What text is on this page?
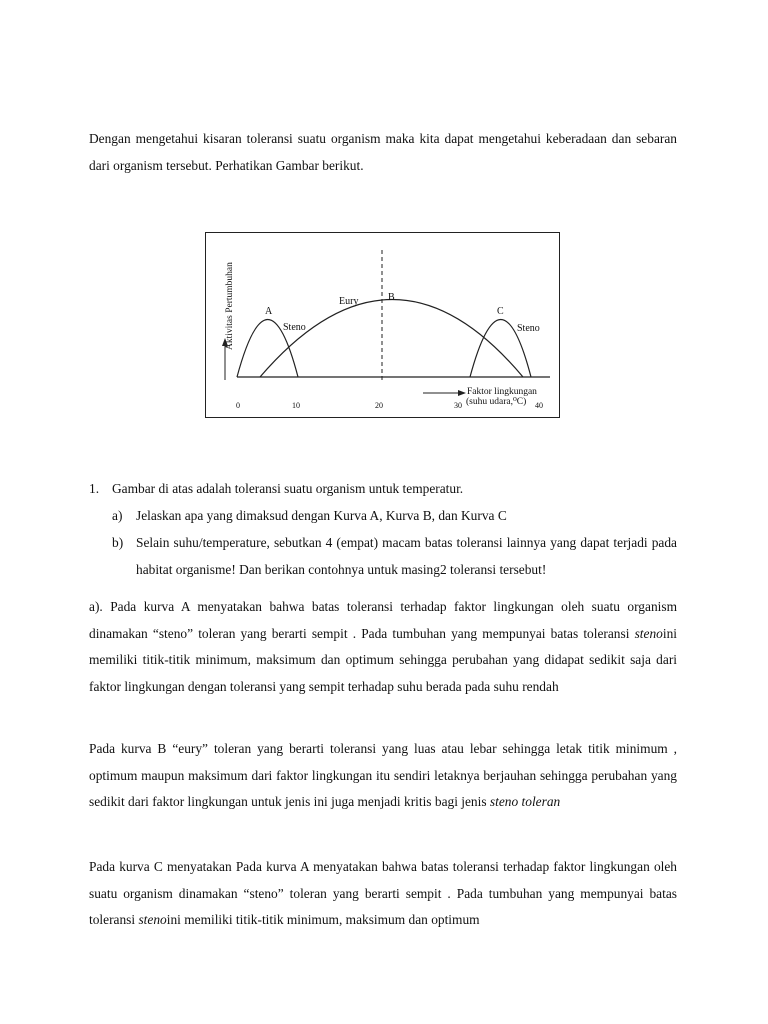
Dengan mengetahui kisaran toleransi suatu organism maka kita dapat mengetahui keberadaan dan sebaran dari organism tersebut. Perhatikan Gambar berikut.

Aktivitas Pertumbuhan	A
Steno
B
Eury
C
Steno
Faktor lingkungan
(suhu udara,⁰C)
0	10	20	30	40
1. Gambar di atas adalah toleransi suatu organism untuk temperatur.
a) Jelaskan apa yang dimaksud dengan Kurva A, Kurva B, dan Kurva C
b) Selain suhu/temperature, sebutkan 4 (empat) macam batas toleransi lainnya yang dapat terjadi pada habitat organisme! Dan berikan contohnya untuk masing2 toleransi tersebut!

a). Pada kurva A menyatakan bahwa batas toleransi terhadap faktor lingkungan oleh suatu organism dinamakan “steno” toleran yang berarti sempit . Pada tumbuhan yang mempunyai batas toleransi stenoini memiliki titik-titik minimum, maksimum dan optimum sehingga perubahan yang didapat sedikit saja dari faktor lingkungan dengan toleransi yang sempit terhadap suhu berada pada suhu rendah

Pada kurva B “eury” toleran yang berarti toleransi yang luas atau lebar sehingga letak titik minimum , optimum maupun maksimum dari faktor lingkungan itu sendiri letaknya berjauhan sehingga perubahan yang sedikit dari faktor lingkungan untuk jenis ini juga menjadi kritis bagi jenis steno toleran

Pada kurva C menyatakan Pada kurva A menyatakan bahwa batas toleransi terhadap faktor lingkungan oleh suatu organism dinamakan “steno” toleran yang berarti sempit . Pada tumbuhan yang mempunyai batas toleransi stenoini memiliki titik-titik minimum, maksimum dan optimum
